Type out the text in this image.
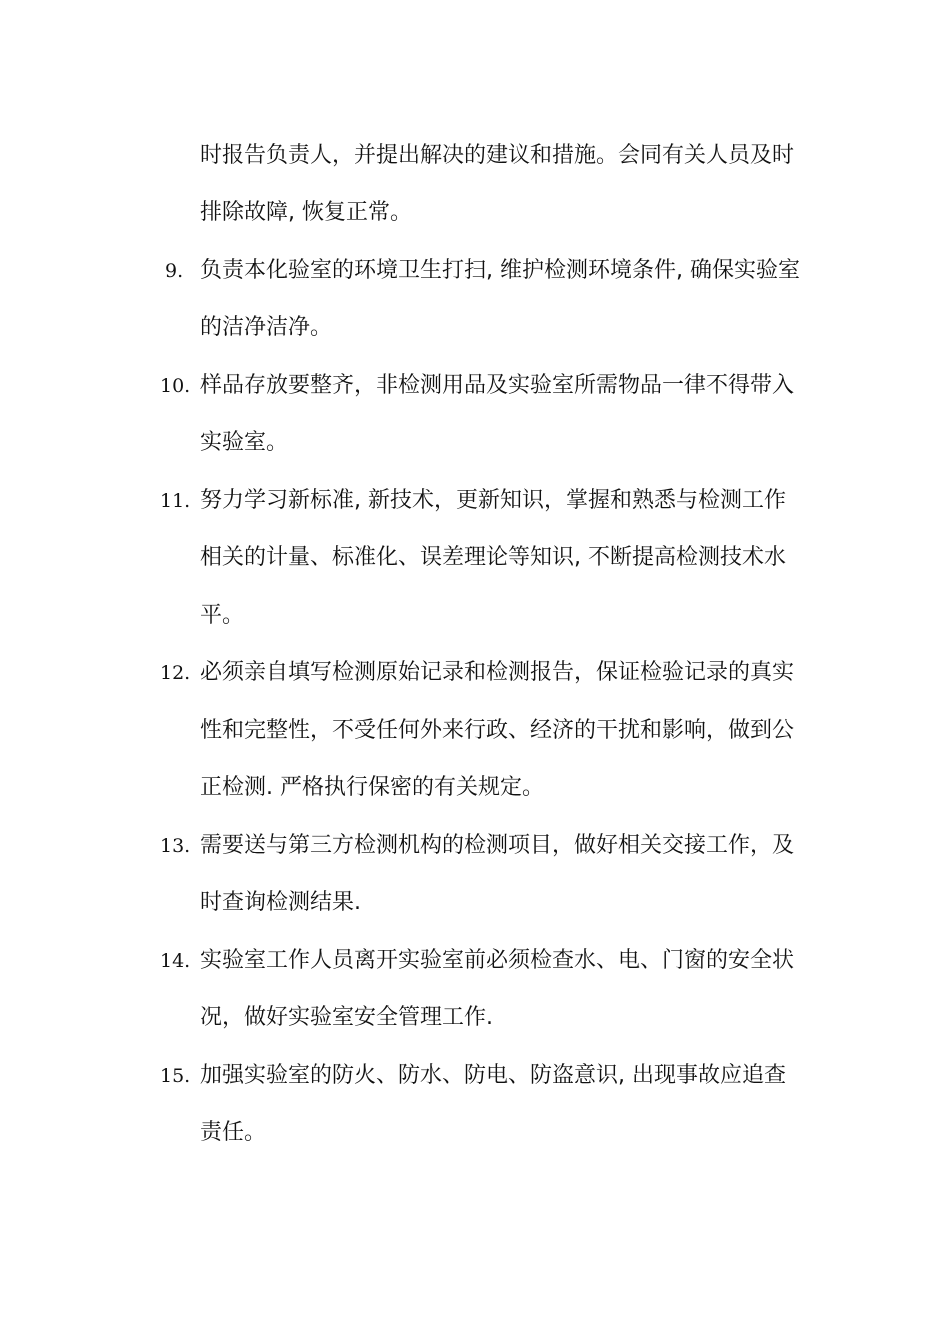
时报告负责人，并提出解决的建议和措施。会同有关人员及时
排除故障, 恢复正常。
9. 负责本化验室的环境卫生打扫, 维护检测环境条件, 确保实验室
的洁净洁净。
10. 样品存放要整齐，非检测用品及实验室所需物品一律不得带入
实验室。
11. 努力学习新标准, 新技术，更新知识，掌握和熟悉与检测工作
相关的计量、标准化、误差理论等知识, 不断提高检测技术水
平。
12. 必须亲自填写检测原始记录和检测报告，保证检验记录的真实
性和完整性，不受任何外来行政、经济的干扰和影响，做到公
正检测. 严格执行保密的有关规定。
13. 需要送与第三方检测机构的检测项目，做好相关交接工作，及
时查询检测结果.
14. 实验室工作人员离开实验室前必须检查水、电、门窗的安全状
况，做好实验室安全管理工作.
15. 加强实验室的防火、防水、防电、防盗意识, 出现事故应追查
责任。
